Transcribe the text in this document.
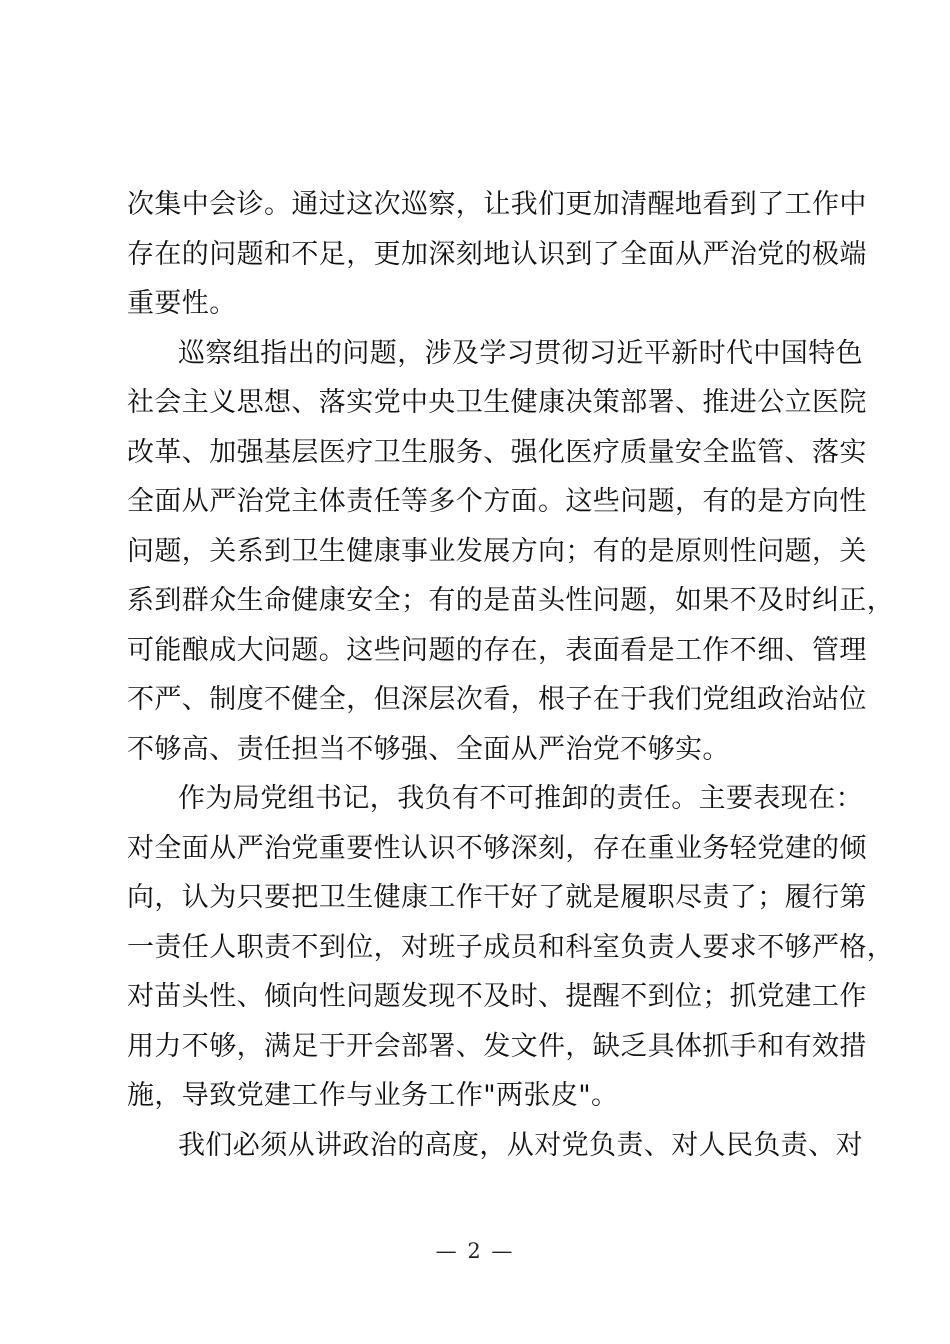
次集中会诊。通过这次巡察，让我们更加清醒地看到了工作中
存在的问题和不足，更加深刻地认识到了全面从严治党的极端
重要性。
巡察组指出的问题，涉及学习贯彻习近平新时代中国特色
社会主义思想、落实党中央卫生健康决策部署、推进公立医院
改革、加强基层医疗卫生服务、强化医疗质量安全监管、落实
全面从严治党主体责任等多个方面。这些问题，有的是方向性
问题，关系到卫生健康事业发展方向；有的是原则性问题，关
系到群众生命健康安全；有的是苗头性问题，如果不及时纠正，
可能酿成大问题。这些问题的存在，表面看是工作不细、管理
不严、制度不健全，但深层次看，根子在于我们党组政治站位
不够高、责任担当不够强、全面从严治党不够实。
作为局党组书记，我负有不可推卸的责任。主要表现在：
对全面从严治党重要性认识不够深刻，存在重业务轻党建的倾
向，认为只要把卫生健康工作干好了就是履职尽责了；履行第
一责任人职责不到位，对班子成员和科室负责人要求不够严格，
对苗头性、倾向性问题发现不及时、提醒不到位；抓党建工作
用力不够，满足于开会部署、发文件，缺乏具体抓手和有效措
施，导致党建工作与业务工作"两张皮"。
我们必须从讲政治的高度，从对党负责、对人民负责、对
— 2 —
